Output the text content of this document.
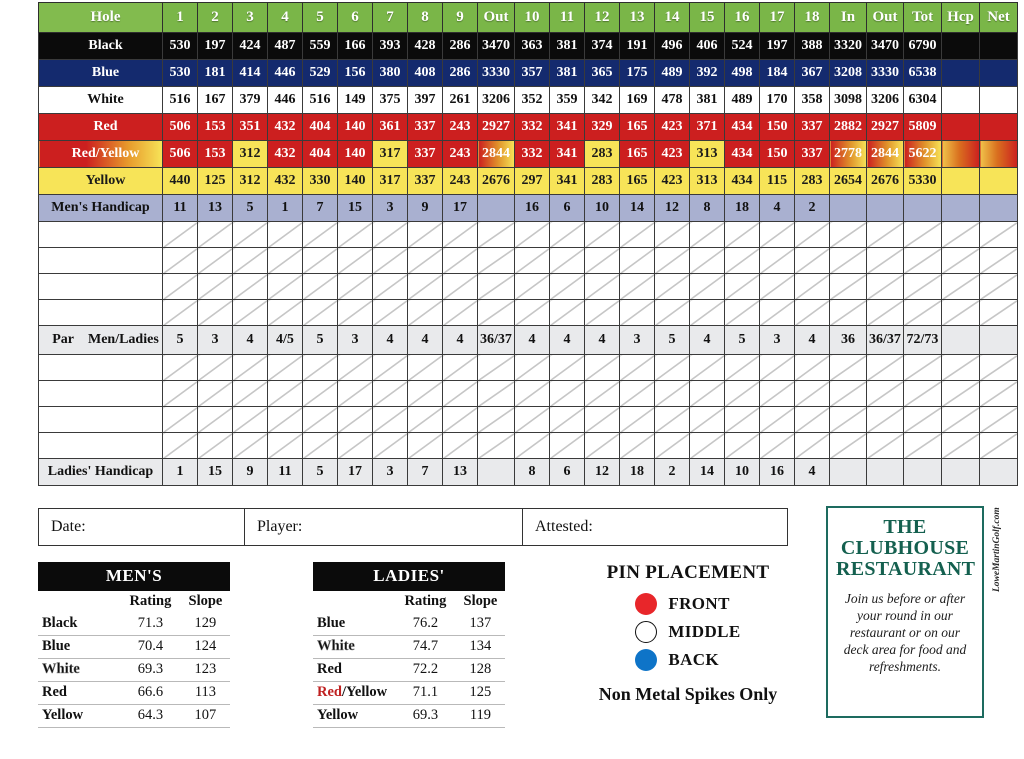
Hole	1	2	3	4	5	6	7	8	9	Out	10	11	12	13	14	15	16	17	18	In	Out	Tot	Hcp	Net
Black	530	197	424	487	559	166	393	428	286	3470	363	381	374	191	496	406	524	197	388	3320	3470	6790		
Blue	530	181	414	446	529	156	380	408	286	3330	357	381	365	175	489	392	498	184	367	3208	3330	6538		
White	516	167	379	446	516	149	375	397	261	3206	352	359	342	169	478	381	489	170	358	3098	3206	6304		
Red	506	153	351	432	404	140	361	337	243	2927	332	341	329	165	423	371	434	150	337	2882	2927	5809		
Red/Yellow	506	153	312	432	404	140	317	337	243	2844	332	341	283	165	423	313	434	150	337	2778	2844	5622		
Yellow	440	125	312	432	330	140	317	337	243	2676	297	341	283	165	423	313	434	115	283	2654	2676	5330		
Men's Handicap	11	13	5	1	7	15	3	9	17		16	6	10	14	12	8	18	4	2					

Par Men/Ladies	5	3	4	4/5	5	3	4	4	4	36/37	4	4	4	3	5	4	5	3	4	36	36/37	72/73		

Ladies' Handicap	1	15	9	11	5	17	3	7	13		8	6	12	18	2	14	10	16	4					
Date:	Player:	Attested:
MEN'S
	Rating	Slope
Black	71.3	129
Blue	70.4	124
White	69.3	123
Red	66.6	113
Yellow	64.3	107
LADIES'
	Rating	Slope
Blue	76.2	137
White	74.7	134
Red	72.2	128
Red/Yellow	71.1	125
Yellow	69.3	119
PIN PLACEMENT
FRONT
MIDDLE
BACK
Non Metal Spikes Only
THE
CLUBHOUSE
RESTAURANT
Join us before or after your round in our restaurant or on our deck area for food and refreshments.
LoweMartinGolf.com
